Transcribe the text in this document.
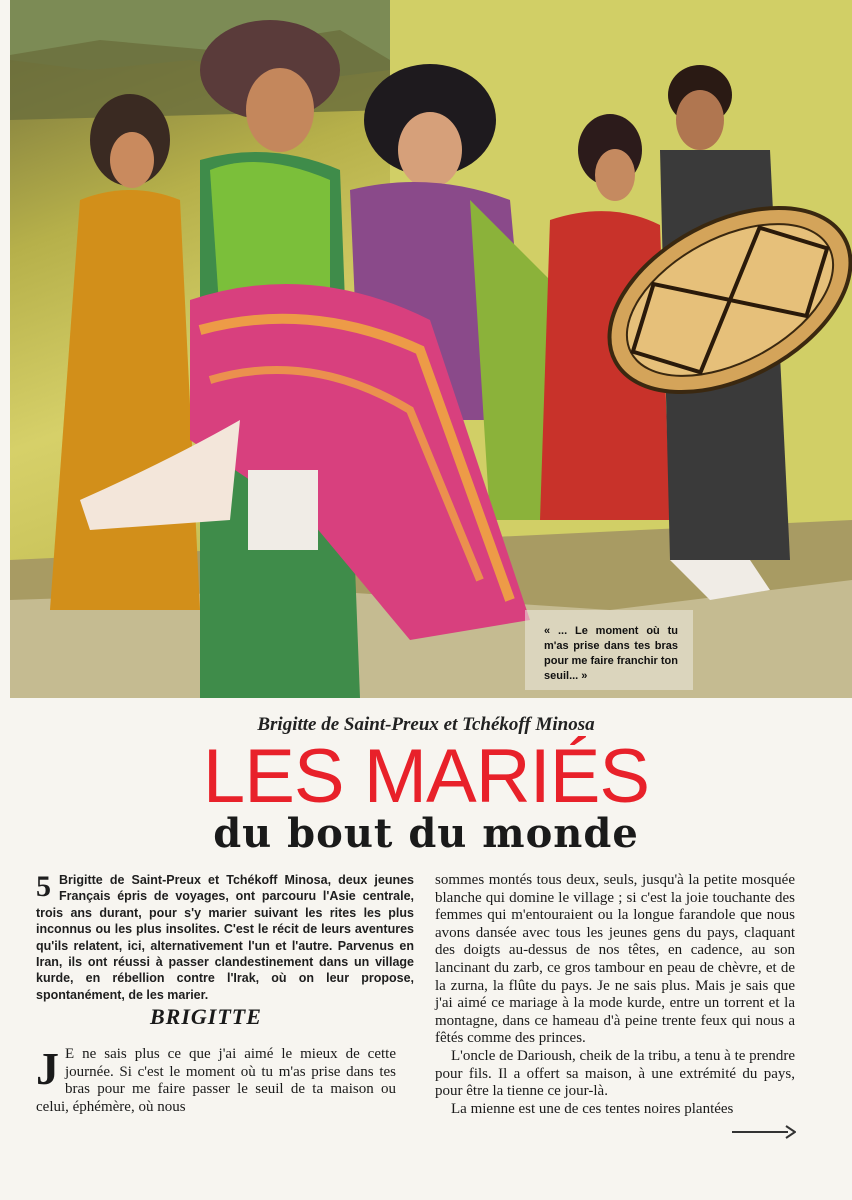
« ... Le moment où tu m'as prise dans tes bras pour me faire franchir ton seuil... »
Brigitte de Saint-Preux et Tchékoff Minosa
LES MARIÉS
du bout du monde
5 Brigitte de Saint-Preux et Tchékoff Minosa, deux jeunes Français épris de voyages, ont parcouru l'Asie centrale, trois ans durant, pour s'y marier suivant les rites les plus inconnus ou les plus insolites. C'est le récit de leurs aventures qu'ils relatent, ici, alternativement l'un et l'autre. Parvenus en Iran, ils ont réussi à passer clandestinement dans un village kurde, en rébellion contre l'Irak, où on leur propose, spontanément, de les marier.
BRIGITTE
J E ne sais plus ce que j'ai aimé le mieux de cette journée. Si c'est le moment où tu m'as prise dans tes bras pour me faire passer le seuil de ta maison ou celui, éphémère, où nous

sommes montés tous deux, seuls, jusqu'à la petite mosquée blanche qui domine le village ; si c'est la joie touchante des femmes qui m'entouraient ou la longue farandole que nous avons dansée avec tous les jeunes gens du pays, claquant des doigts au-dessus de nos têtes, en cadence, au son lancinant du zarb, ce gros tambour en peau de chèvre, et de la zurna, la flûte du pays. Je ne sais plus. Mais je sais que j'ai aimé ce mariage à la mode kurde, entre un torrent et la montagne, dans ce hameau d'à peine trente feux qui nous a fêtés comme des princes.

L'oncle de Darioush, cheik de la tribu, a tenu à te prendre pour fils. Il a offert sa maison, à une extrémité du pays, pour être la tienne ce jour-là.

La mienne est une de ces tentes noires plantées
